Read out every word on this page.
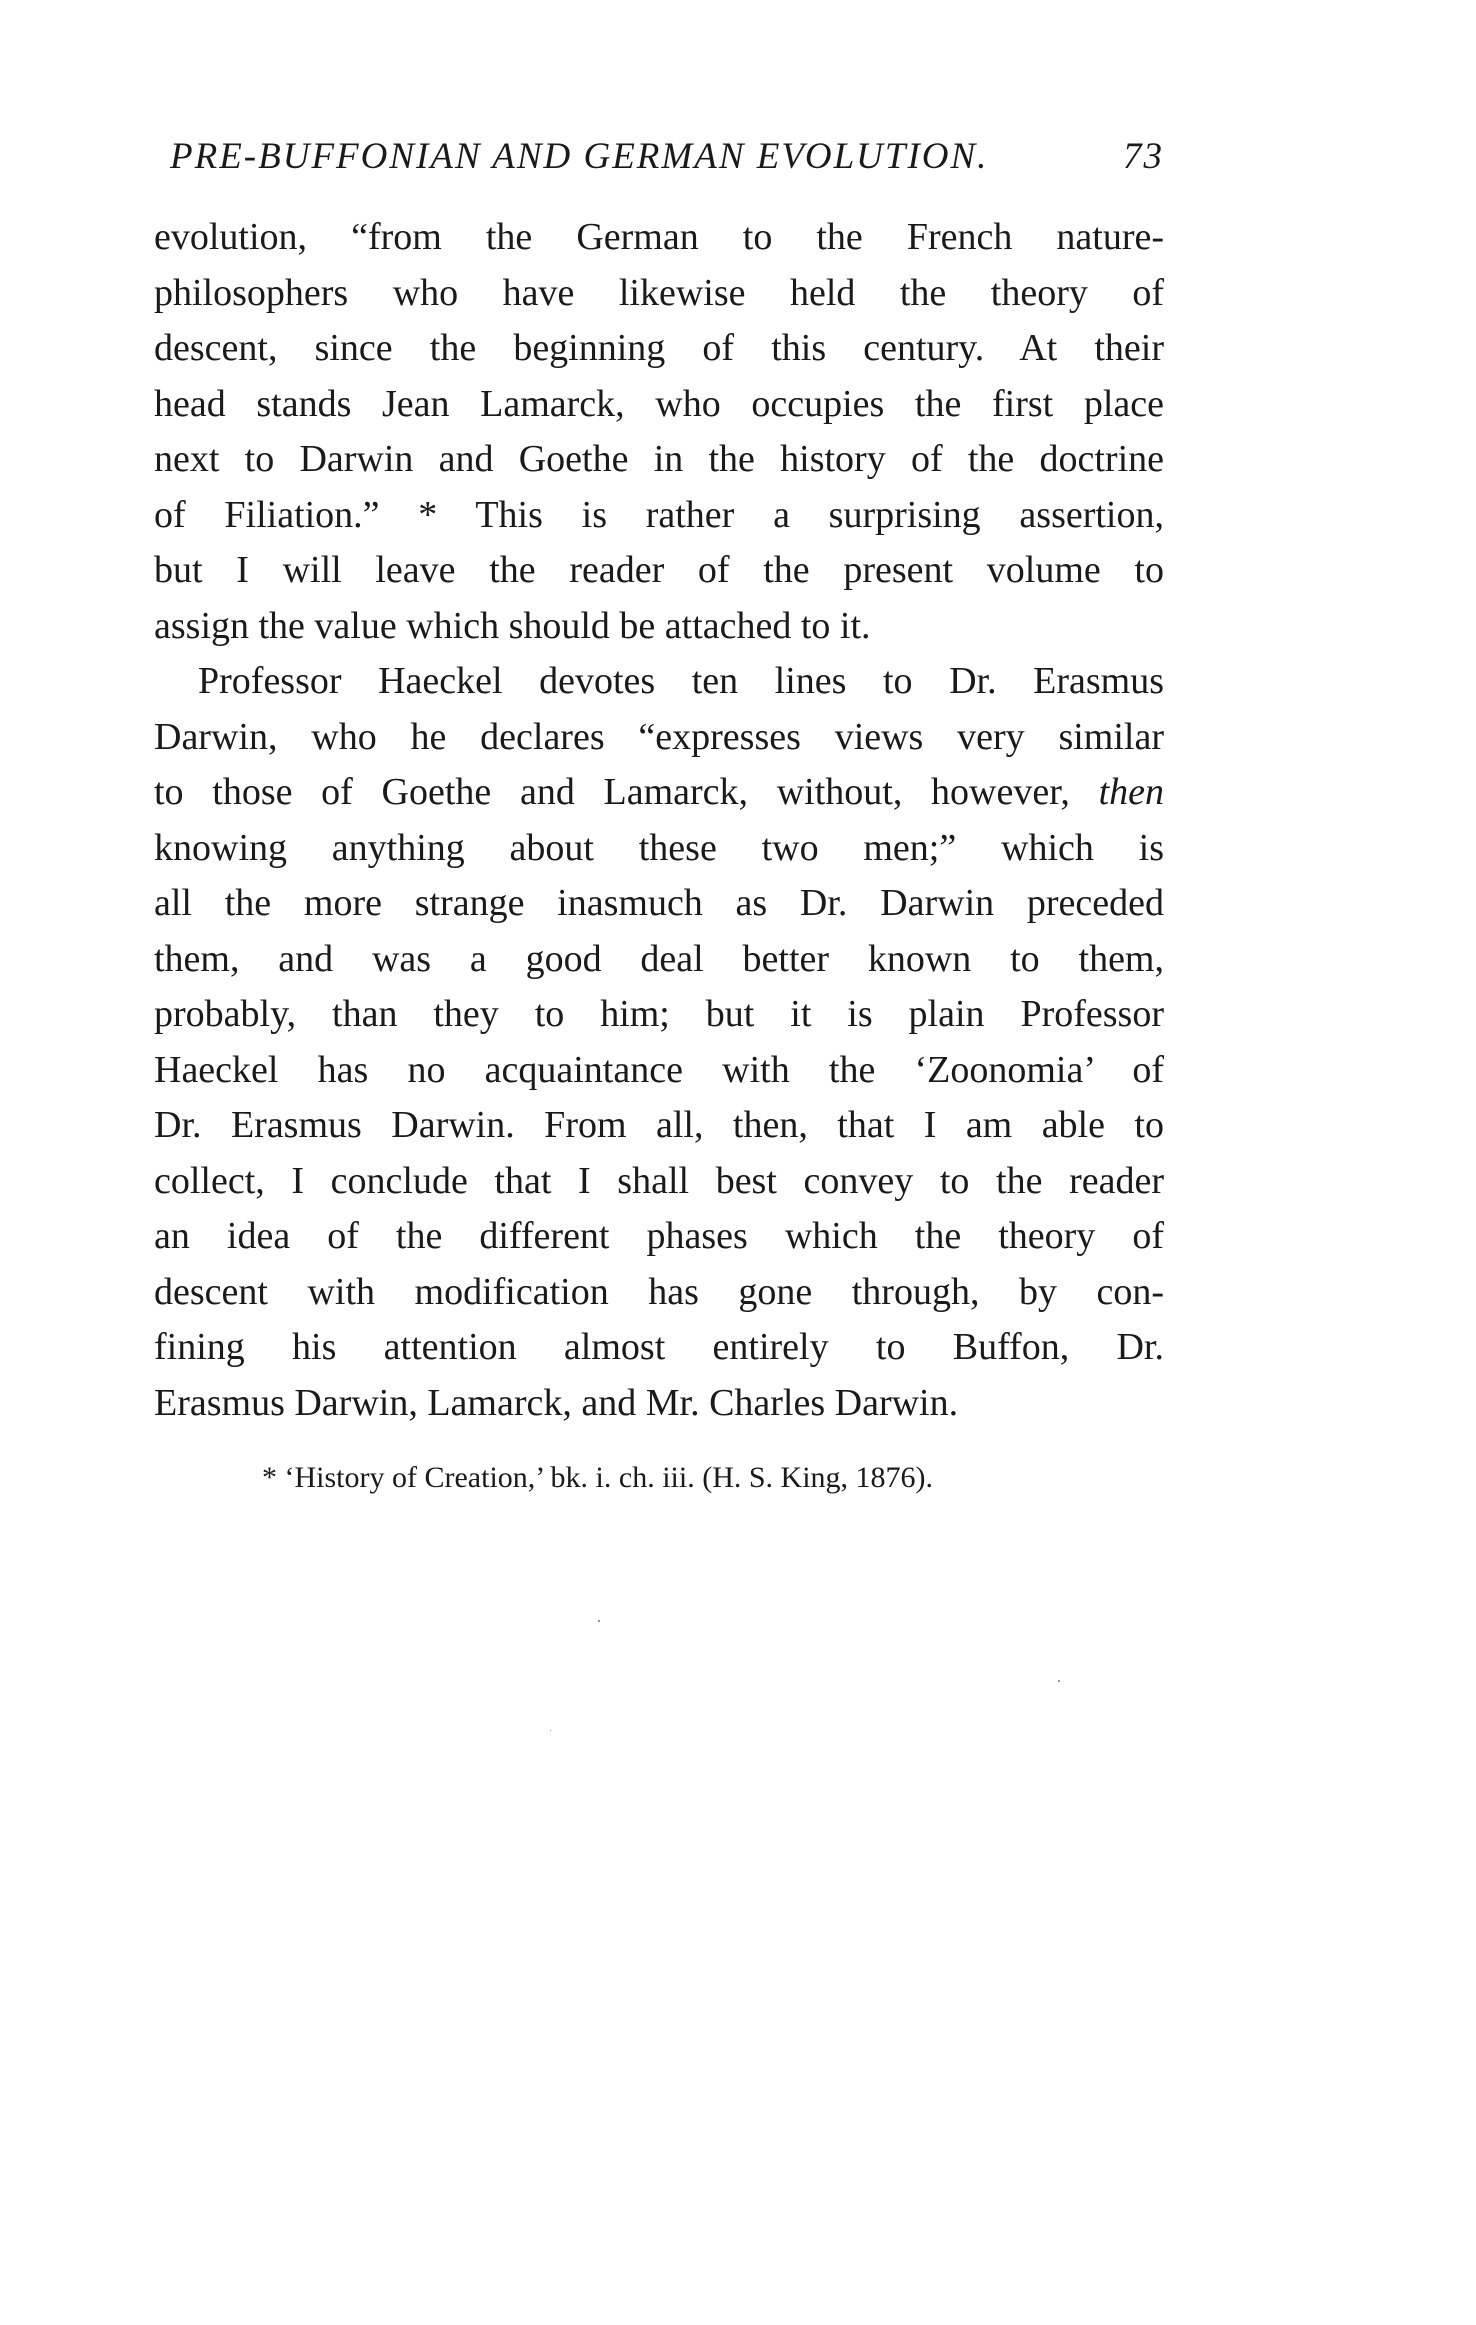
PRE-BUFFONIAN AND GERMAN EVOLUTION.	73
evolution, “from the German to the French nature-
philosophers who have likewise held the theory of
descent, since the beginning of this century. At their
head stands Jean Lamarck, who occupies the first place
next to Darwin and Goethe in the history of the doctrine
of Filiation.” * This is rather a surprising assertion,
but I will leave the reader of the present volume to
assign the value which should be attached to it.
Professor Haeckel devotes ten lines to Dr. Erasmus
Darwin, who he declares “expresses views very similar
to those of Goethe and Lamarck, without, however, then
knowing anything about these two men;” which is
all the more strange inasmuch as Dr. Darwin preceded
them, and was a good deal better known to them,
probably, than they to him; but it is plain Professor
Haeckel has no acquaintance with the ‘Zoonomia’ of
Dr. Erasmus Darwin. From all, then, that I am able to
collect, I conclude that I shall best convey to the reader
an idea of the different phases which the theory of
descent with modification has gone through, by con-
fining his attention almost entirely to Buffon, Dr.
Erasmus Darwin, Lamarck, and Mr. Charles Darwin.
* ‘History of Creation,’ bk. i. ch. iii. (H. S. King, 1876).
